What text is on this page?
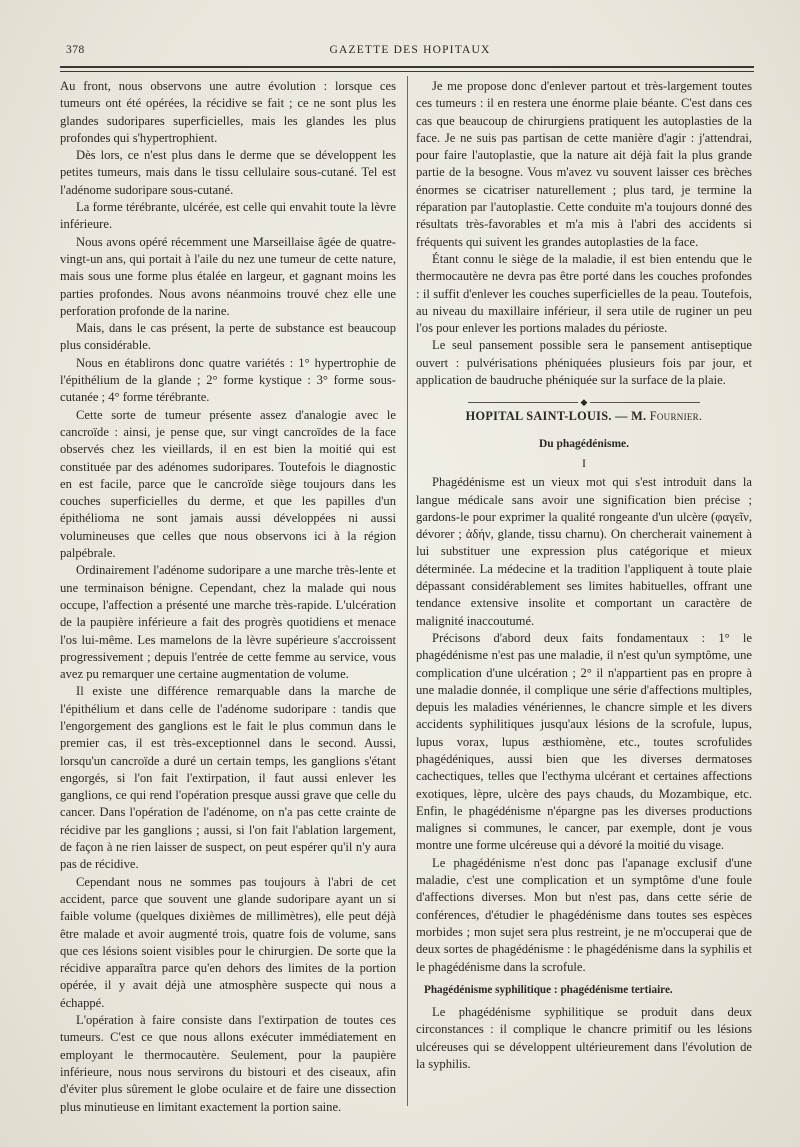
378	GAZETTE DES HOPITAUX

Au front, nous observons une autre évolution : lorsque ces tumeurs ont été opérées, la récidive se fait ; ce ne sont plus les glandes sudoripares superficielles, mais les glandes les plus profondes qui s'hypertrophient.

Dès lors, ce n'est plus dans le derme que se développent les petites tumeurs, mais dans le tissu cellulaire sous-cutané. Tel est l'adénome sudoripare sous-cutané.

La forme térébrante, ulcérée, est celle qui envahit toute la lèvre inférieure.

Nous avons opéré récemment une Marseillaise âgée de quatre-vingt-un ans, qui portait à l'aile du nez une tumeur de cette nature, mais sous une forme plus étalée en largeur, et gagnant moins les parties profondes. Nous avons néanmoins trouvé chez elle une perforation profonde de la narine.

Mais, dans le cas présent, la perte de substance est beaucoup plus considérable.

Nous en établirons donc quatre variétés : 1° hypertrophie de l'épithélium de la glande ; 2° forme kystique : 3° forme sous-cutanée ; 4° forme térébrante.

Cette sorte de tumeur présente assez d'analogie avec le cancroïde : ainsi, je pense que, sur vingt cancroïdes de la face observés chez les vieillards, il en est bien la moitié qui est constituée par des adénomes sudoripares. Toutefois le diagnostic en est facile, parce que le cancroïde siège toujours dans les couches superficielles du derme, et que les papilles d'un épithélioma ne sont jamais aussi développées ni aussi volumineuses que celles que nous observons ici à la région palpébrale.

Ordinairement l'adénome sudoripare a une marche très-lente et une terminaison bénigne. Cependant, chez la malade qui nous occupe, l'affection a présenté une marche très-rapide. L'ulcération de la paupière inférieure a fait des progrès quotidiens et menace l'os lui-même. Les mamelons de la lèvre supérieure s'accroissent progressivement ; depuis l'entrée de cette femme au service, vous avez pu remarquer une certaine augmentation de volume.

Il existe une différence remarquable dans la marche de l'épithélium et dans celle de l'adénome sudoripare : tandis que l'engorgement des ganglions est le fait le plus commun dans le premier cas, il est très-exceptionnel dans le second. Aussi, lorsqu'un cancroïde a duré un certain temps, les ganglions s'étant engorgés, si l'on fait l'extirpation, il faut aussi enlever les ganglions, ce qui rend l'opération presque aussi grave que celle du cancer. Dans l'opération de l'adénome, on n'a pas cette crainte de récidive par les ganglions ; aussi, si l'on fait l'ablation largement, de façon à ne rien laisser de suspect, on peut espérer qu'il n'y aura pas de récidive.

Cependant nous ne sommes pas toujours à l'abri de cet accident, parce que souvent une glande sudoripare ayant un si faible volume (quelques dixièmes de millimètres), elle peut déjà être malade et avoir augmenté trois, quatre fois de volume, sans que ces lésions soient visibles pour le chirurgien. De sorte que la récidive apparaîtra parce qu'en dehors des limites de la portion opérée, il y avait déjà une atmosphère suspecte qui nous a échappé.

L'opération à faire consiste dans l'extirpation de toutes ces tumeurs. C'est ce que nous allons exécuter immédiatement en employant le thermocautère. Seulement, pour la paupière inférieure, nous nous servirons du bistouri et des ciseaux, afin d'éviter plus sûrement le globe oculaire et de faire une dissection plus minutieuse en limitant exactement la portion saine.

Je me propose donc d'enlever partout et très-largement toutes ces tumeurs : il en restera une énorme plaie béante. C'est dans ces cas que beaucoup de chirurgiens pratiquent les autoplasties de la face. Je ne suis pas partisan de cette manière d'agir : j'attendrai, pour faire l'autoplastie, que la nature ait déjà fait la plus grande partie de la besogne. Vous m'avez vu souvent laisser ces brèches énormes se cicatriser naturellement ; plus tard, je termine la réparation par l'autoplastie. Cette conduite m'a toujours donné des résultats très-favorables et m'a mis à l'abri des accidents si fréquents qui suivent les grandes autoplasties de la face.

Étant connu le siège de la maladie, il est bien entendu que le thermocautère ne devra pas être porté dans les couches profondes : il suffit d'enlever les couches superficielles de la peau. Toutefois, au niveau du maxillaire inférieur, il sera utile de ruginer un peu l'os pour enlever les portions malades du périoste.

Le seul pansement possible sera le pansement antiseptique ouvert : pulvérisations phéniquées plusieurs fois par jour, et application de baudruche phéniquée sur la surface de la plaie.

◆
HOPITAL SAINT-LOUIS. — M. Fournier.
Du phagédénisme.
I

Phagédénisme est un vieux mot qui s'est introduit dans la langue médicale sans avoir une signification bien précise ; gardons-le pour exprimer la qualité rongeante d'un ulcère (φαγεῖν, dévorer ; ἀδήν, glande, tissu charnu). On chercherait vainement à lui substituer une expression plus catégorique et mieux déterminée. La médecine et la tradition l'appliquent à toute plaie dépassant considérablement ses limites habituelles, offrant une tendance extensive insolite et comportant un caractère de malignité inaccoutumé.

Précisons d'abord deux faits fondamentaux : 1° le phagédénisme n'est pas une maladie, il n'est qu'un symptôme, une complication d'une ulcération ; 2° il n'appartient pas en propre à une maladie donnée, il complique une série d'affections multiples, depuis les maladies vénériennes, le chancre simple et les divers accidents syphilitiques jusqu'aux lésions de la scrofule, lupus, lupus vorax, lupus æsthiomène, etc., toutes scrofulides phagédéniques, aussi bien que les diverses dermatoses cachectiques, telles que l'ecthyma ulcérant et certaines affections exotiques, lèpre, ulcère des pays chauds, du Mozambique, etc. Enfin, le phagédénisme n'épargne pas les diverses productions malignes si communes, le cancer, par exemple, dont je vous montre une forme ulcéreuse qui a dévoré la moitié du visage.

Le phagédénisme n'est donc pas l'apanage exclusif d'une maladie, c'est une complication et un symptôme d'une foule d'affections diverses. Mon but n'est pas, dans cette série de conférences, d'étudier le phagédénisme dans toutes ses espèces morbides ; mon sujet sera plus restreint, je ne m'occuperai que de deux sortes de phagédénisme : le phagédénisme dans la syphilis et le phagédénisme dans la scrofule.

Phagédénisme syphilitique : phagédénisme tertiaire.

Le phagédénisme syphilitique se produit dans deux circonstances : il complique le chancre primitif ou les lésions ulcéreuses qui se développent ultérieurement dans l'évolution de la syphilis.
